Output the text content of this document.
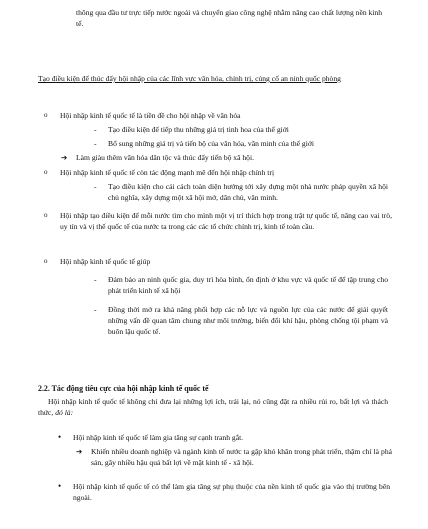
thông qua đầu tư trực tiếp nước ngoài và chuyển giao công nghệ nhằm nâng cao chất lượng nền kinh tế.
Tạo điều kiện để thúc đẩy hội nhập của các lĩnh vực văn hóa, chính trị, củng cố an ninh quốc phòng
o Hội nhập kinh tế quốc tế là tiền đề cho hội nhập về văn hóa
- Tạo điều kiện để tiếp thu những giá trị tinh hoa của thế giới
- Bổ sung những giá trị và tiến bộ của văn hóa, văn minh của thế giới
➔ Làm giàu thêm văn hóa dân tộc và thúc đẩy tiến bộ xã hội.
o Hội nhập kinh tế quốc tế còn tác động mạnh mẽ đến hội nhập chính trị
- Tạo điều kiện cho cải cách toàn diện hướng tới xây dựng một nhà nước pháp quyền xã hội chủ nghĩa, xây dựng một xã hội mở, dân chủ, văn minh.
o Hội nhập tạo điều kiện để mỗi nước tìm cho mình một vị trí thích hợp trong trật tự quốc tế, nâng cao vai trò, uy tín và vị thế quốc tế của nước ta trong các các tổ chức chính trị, kinh tế toàn cầu.
o Hội nhập kinh tế quốc tế giúp
- Đảm bảo an ninh quốc gia, duy trì hòa bình, ổn định ở khu vực và quốc tế để tập trung cho phát triển kinh tế xã hội
- Đồng thời mở ra khả năng phối hợp các nỗ lực và nguồn lực của các nước để giải quyết những vấn đề quan tâm chung như môi trường, biến đổi khí hậu, phòng chống tội phạm và buôn lậu quốc tế.
2.2. Tác động tiêu cực của hội nhập kinh tế quốc tế
Hội nhập kinh tế quốc tế không chỉ đưa lại những lợi ích, trái lại, nó cũng đặt ra nhiều rủi ro, bất lợi và thách thức, đó là:
• Hội nhập kinh tế quốc tế làm gia tăng sự cạnh tranh gắt.
➔ Khiến nhiều doanh nghiệp và ngành kinh tế nước ta gặp khó khăn trong phát triển, thậm chí là phá sản, gây nhiều hậu quả bất lợi về mặt kinh tế - xã hội.
• Hội nhập kinh tế quốc tế có thể làm gia tăng sự phụ thuộc của nền kinh tế quốc gia vào thị trường bên ngoài.
